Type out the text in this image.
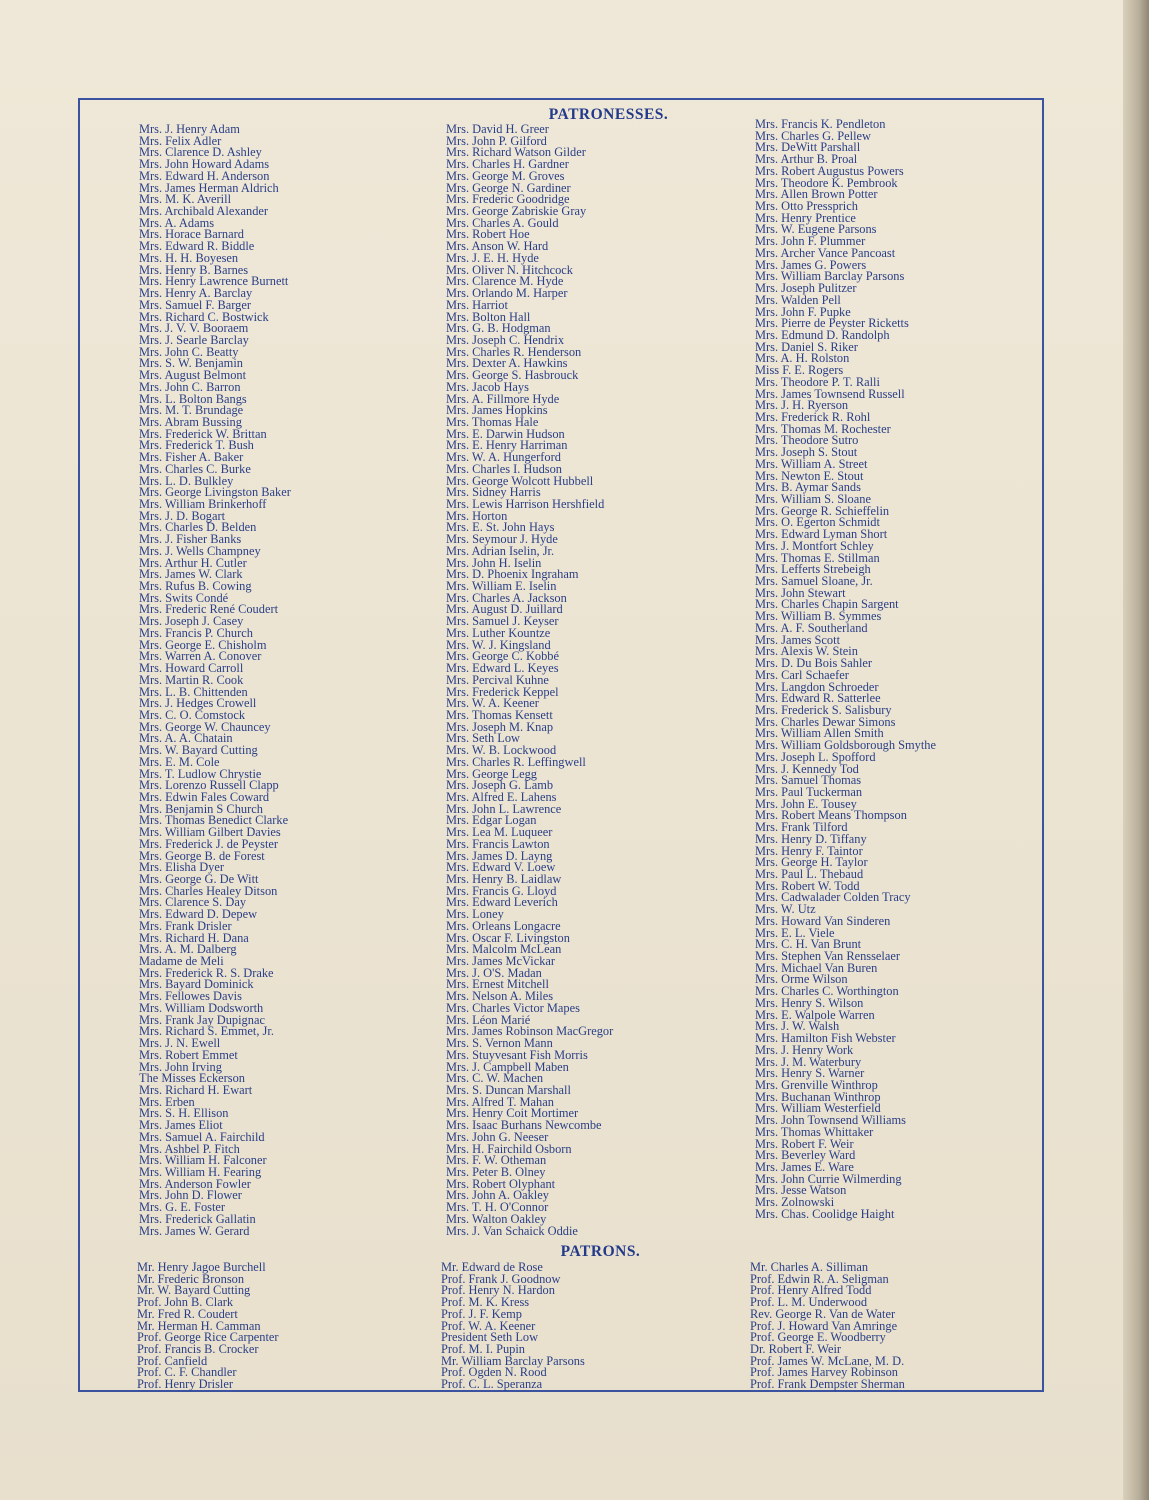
PATRONESSES.
Mrs. J. Henry Adam
Mrs. Felix Adler
Mrs. Clarence D. Ashley
Mrs. John Howard Adams
Mrs. Edward H. Anderson
Mrs. James Herman Aldrich
Mrs. M. K. Averill
Mrs. Archibald Alexander
Mrs. A. Adams
Mrs. Horace Barnard
Mrs. Edward R. Biddle
Mrs. H. H. Boyesen
Mrs. Henry B. Barnes
Mrs. Henry Lawrence Burnett
Mrs. Henry A. Barclay
Mrs. Samuel F. Barger
Mrs. Richard C. Bostwick
Mrs. J. V. V. Booraem
Mrs. J. Searle Barclay
Mrs. John C. Beatty
Mrs. S. W. Benjamin
Mrs. August Belmont
Mrs. John C. Barron
Mrs. L. Bolton Bangs
Mrs. M. T. Brundage
Mrs. Abram Bussing
Mrs. Frederick W. Brittan
Mrs. Frederick T. Bush
Mrs. Fisher A. Baker
Mrs. Charles C. Burke
Mrs. L. D. Bulkley
Mrs. George Livingston Baker
Mrs. William Brinkerhoff
Mrs. J. D. Bogart
Mrs. Charles D. Belden
Mrs. J. Fisher Banks
Mrs. J. Wells Champney
Mrs. Arthur H. Cutler
Mrs. James W. Clark
Mrs. Rufus B. Cowing
Mrs. Swits Condé
Mrs. Frederic René Coudert
Mrs. Joseph J. Casey
Mrs. Francis P. Church
Mrs. George E. Chisholm
Mrs. Warren A. Conover
Mrs. Howard Carroll
Mrs. Martin R. Cook
Mrs. L. B. Chittenden
Mrs. J. Hedges Crowell
Mrs. C. O. Comstock
Mrs. George W. Chauncey
Mrs. A. A. Chatain
Mrs. W. Bayard Cutting
Mrs. E. M. Cole
Mrs. T. Ludlow Chrystie
Mrs. Lorenzo Russell Clapp
Mrs. Edwin Fales Coward
Mrs. Benjamin S Church
Mrs. Thomas Benedict Clarke
Mrs. William Gilbert Davies
Mrs. Frederick J. de Peyster
Mrs. George B. de Forest
Mrs. Elisha Dyer
Mrs. George G. De Witt
Mrs. Charles Healey Ditson
Mrs. Clarence S. Day
Mrs. Edward D. Depew
Mrs. Frank Drisler
Mrs. Richard H. Dana
Mrs. A. M. Dalberg
Madame de Meli
Mrs. Frederick R. S. Drake
Mrs. Bayard Dominick
Mrs. Fellowes Davis
Mrs. William Dodsworth
Mrs. Frank Jay Dupignac
Mrs. Richard S. Emmet, Jr.
Mrs. J. N. Ewell
Mrs. Robert Emmet
Mrs. John Irving
The Misses Eckerson
Mrs. Richard H. Ewart
Mrs. Erben
Mrs. S. H. Ellison
Mrs. James Eliot
Mrs. Samuel A. Fairchild
Mrs. Ashbel P. Fitch
Mrs. William H. Falconer
Mrs. William H. Fearing
Mrs. Anderson Fowler
Mrs. John D. Flower
Mrs. G. E. Foster
Mrs. Frederick Gallatin
Mrs. James W. Gerard
Mrs. David H. Greer
Mrs. John P. Gilford
Mrs. Richard Watson Gilder
Mrs. Charles H. Gardner
Mrs. George M. Groves
Mrs. George N. Gardiner
Mrs. Frederic Goodridge
Mrs. George Zabriskie Gray
Mrs. Charles A. Gould
Mrs. Robert Hoe
Mrs. Anson W. Hard
Mrs. J. E. H. Hyde
Mrs. Oliver N. Hitchcock
Mrs. Clarence M. Hyde
Mrs. Orlando M. Harper
Mrs. Harriot
Mrs. Bolton Hall
Mrs. G. B. Hodgman
Mrs. Joseph C. Hendrix
Mrs. Charles R. Henderson
Mrs. Dexter A. Hawkins
Mrs. George S. Hasbrouck
Mrs. Jacob Hays
Mrs. A. Fillmore Hyde
Mrs. James Hopkins
Mrs. Thomas Hale
Mrs. E. Darwin Hudson
Mrs. E. Henry Harriman
Mrs. W. A. Hungerford
Mrs. Charles I. Hudson
Mrs. George Wolcott Hubbell
Mrs. Sidney Harris
Mrs. Lewis Harrison Hershfield
Mrs. Horton
Mrs. E. St. John Hays
Mrs. Seymour J. Hyde
Mrs. Adrian Iselin, Jr.
Mrs. John H. Iselin
Mrs. D. Phoenix Ingraham
Mrs. William E. Iselin
Mrs. Charles A. Jackson
Mrs. August D. Juillard
Mrs. Samuel J. Keyser
Mrs. Luther Kountze
Mrs. W. J. Kingsland
Mrs. George C. Kobbé
Mrs. Edward L. Keyes
Mrs. Percival Kuhne
Mrs. Frederick Keppel
Mrs. W. A. Keener
Mrs. Thomas Kensett
Mrs. Joseph M. Knap
Mrs. Seth Low
Mrs. W. B. Lockwood
Mrs. Charles R. Leffingwell
Mrs. George Legg
Mrs. Joseph G. Lamb
Mrs. Alfred E. Lahens
Mrs. John L. Lawrence
Mrs. Edgar Logan
Mrs. Lea M. Luqueer
Mrs. Francis Lawton
Mrs. James D. Layng
Mrs. Edward V. Loew
Mrs. Henry B. Laidlaw
Mrs. Francis G. Lloyd
Mrs. Edward Leverich
Mrs. Loney
Mrs. Orleans Longacre
Mrs. Oscar F. Livingston
Mrs. Malcolm McLean
Mrs. James McVickar
Mrs. J. O'S. Madan
Mrs. Ernest Mitchell
Mrs. Nelson A. Miles
Mrs. Charles Victor Mapes
Mrs. Léon Marié
Mrs. James Robinson MacGregor
Mrs. S. Vernon Mann
Mrs. Stuyvesant Fish Morris
Mrs. J. Campbell Maben
Mrs. C. W. Machen
Mrs. S. Duncan Marshall
Mrs. Alfred T. Mahan
Mrs. Henry Coit Mortimer
Mrs. Isaac Burhans Newcombe
Mrs. John G. Neeser
Mrs. H. Fairchild Osborn
Mrs. F. W. Otheman
Mrs. Peter B. Olney
Mrs. Robert Olyphant
Mrs. John A. Oakley
Mrs. T. H. O'Connor
Mrs. Walton Oakley
Mrs. J. Van Schaick Oddie
Mrs. Francis K. Pendleton
Mrs. Charles G. Pellew
Mrs. DeWitt Parshall
Mrs. Arthur B. Proal
Mrs. Robert Augustus Powers
Mrs. Theodore K. Pembrook
Mrs. Allen Brown Potter
Mrs. Otto Pressprich
Mrs. Henry Prentice
Mrs. W. Eugene Parsons
Mrs. John F. Plummer
Mrs. Archer Vance Pancoast
Mrs. James G. Powers
Mrs. William Barclay Parsons
Mrs. Joseph Pulitzer
Mrs. Walden Pell
Mrs. John F. Pupke
Mrs. Pierre de Peyster Ricketts
Mrs. Edmund D. Randolph
Mrs. Daniel S. Riker
Mrs. A. H. Rolston
Miss F. E. Rogers
Mrs. Theodore P. T. Ralli
Mrs. James Townsend Russell
Mrs. J. H. Ryerson
Mrs. Frederick R. Rohl
Mrs. Thomas M. Rochester
Mrs. Theodore Sutro
Mrs. Joseph S. Stout
Mrs. William A. Street
Mrs. Newton E. Stout
Mrs. B. Aymar Sands
Mrs. William S. Sloane
Mrs. George R. Schieffelin
Mrs. O. Egerton Schmidt
Mrs. Edward Lyman Short
Mrs. J. Montfort Schley
Mrs. Thomas E. Stillman
Mrs. Lefferts Strebeigh
Mrs. Samuel Sloane, Jr.
Mrs. John Stewart
Mrs. Charles Chapin Sargent
Mrs. William B. Symmes
Mrs. A. F. Southerland
Mrs. James Scott
Mrs. Alexis W. Stein
Mrs. D. Du Bois Sahler
Mrs. Carl Schaefer
Mrs. Langdon Schroeder
Mrs. Edward R. Satterlee
Mrs. Frederick S. Salisbury
Mrs. Charles Dewar Simons
Mrs. William Allen Smith
Mrs. William Goldsborough Smythe
Mrs. Joseph L. Spofford
Mrs. J. Kennedy Tod
Mrs. Samuel Thomas
Mrs. Paul Tuckerman
Mrs. John E. Tousey
Mrs. Robert Means Thompson
Mrs. Frank Tilford
Mrs. Henry D. Tiffany
Mrs. Henry F. Taintor
Mrs. George H. Taylor
Mrs. Paul L. Thebaud
Mrs. Robert W. Todd
Mrs. Cadwalader Colden Tracy
Mrs. W. Utz
Mrs. Howard Van Sinderen
Mrs. E. L. Viele
Mrs. C. H. Van Brunt
Mrs. Stephen Van Rensselaer
Mrs. Michael Van Buren
Mrs. Orme Wilson
Mrs. Charles C. Worthington
Mrs. Henry S. Wilson
Mrs. E. Walpole Warren
Mrs. J. W. Walsh
Mrs. Hamilton Fish Webster
Mrs. J. Henry Work
Mrs. J. M. Waterbury
Mrs. Henry S. Warner
Mrs. Grenville Winthrop
Mrs. Buchanan Winthrop
Mrs. William Westerfield
Mrs. John Townsend Williams
Mrs. Thomas Whittaker
Mrs. Robert F. Weir
Mrs. Beverley Ward
Mrs. James E. Ware
Mrs. John Currie Wilmerding
Mrs. Jesse Watson
Mrs. Zolnowski
Mrs. Chas. Coolidge Haight
PATRONS.
Mr. Henry Jagoe Burchell
Mr. Frederic Bronson
Mr. W. Bayard Cutting
Prof. John B. Clark
Mr. Fred R. Coudert
Mr. Herman H. Camman
Prof. George Rice Carpenter
Prof. Francis B. Crocker
Prof. Canfield
Prof. C. F. Chandler
Prof. Henry Drisler
Mr. Edward de Rose
Prof. Frank J. Goodnow
Prof. Henry N. Hardon
Prof. M. K. Kress
Prof. J. F. Kemp
Prof. W. A. Keener
President Seth Low
Prof. M. I. Pupin
Mr. William Barclay Parsons
Prof. Ogden N. Rood
Prof. C. L. Speranza
Mr. Charles A. Silliman
Prof. Edwin R. A. Seligman
Prof. Henry Alfred Todd
Prof. L. M. Underwood
Rev. George R. Van de Water
Prof. J. Howard Van Amringe
Prof. George E. Woodberry
Dr. Robert F. Weir
Prof. James W. McLane, M. D.
Prof. James Harvey Robinson
Prof. Frank Dempster Sherman
